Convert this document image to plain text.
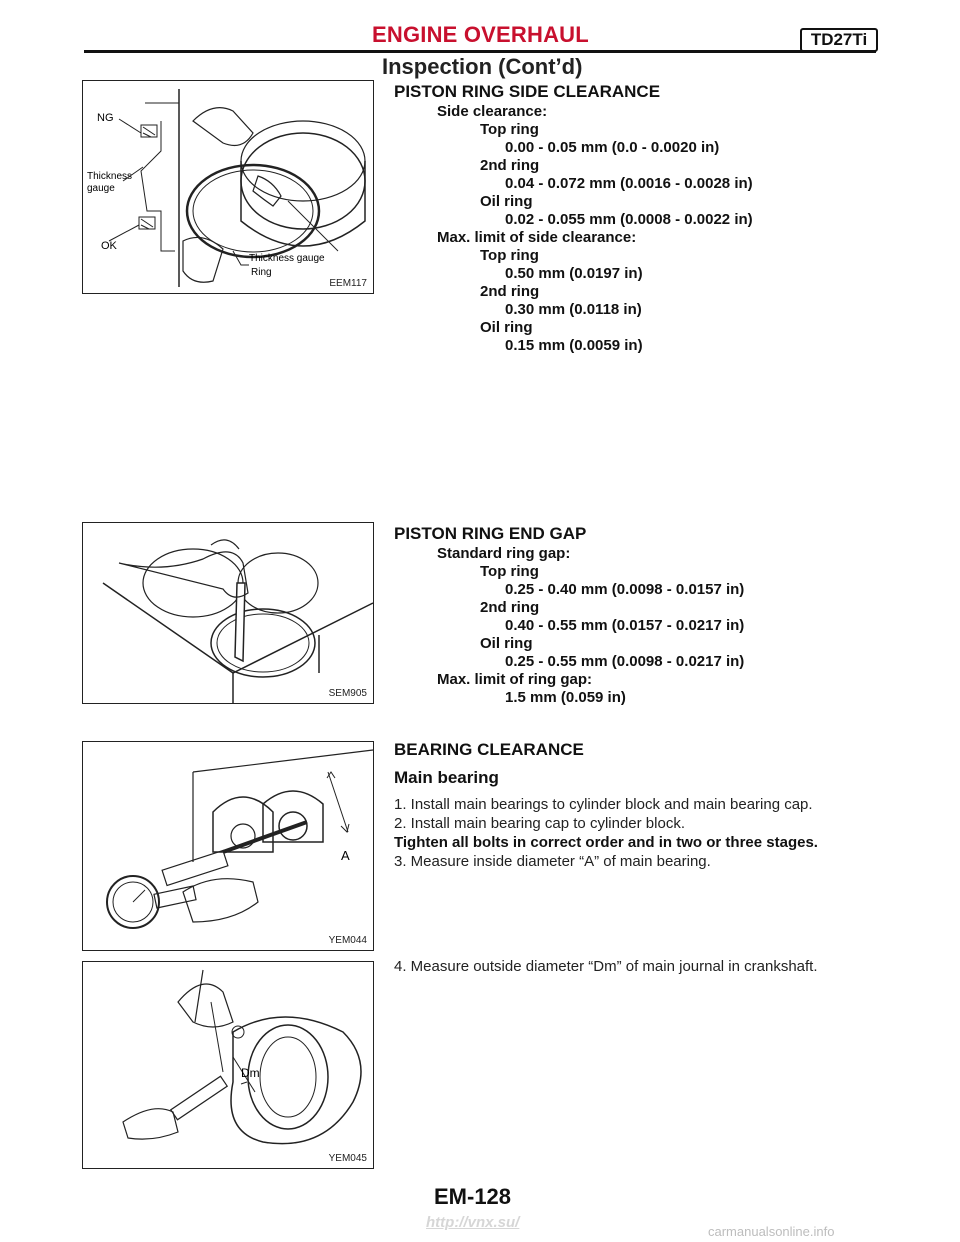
ENGINE OVERHAUL	TD27Ti
Inspection (Cont’d)
NG
Thickness
gauge
OK
Thickness gauge
Ring
EEM117
PISTON RING SIDE CLEARANCE
Side clearance:
Top ring
0.00 - 0.05 mm (0.0 - 0.0020 in)
2nd ring
0.04 - 0.072 mm (0.0016 - 0.0028 in)
Oil ring
0.02 - 0.055 mm (0.0008 - 0.0022 in)
Max. limit of side clearance:
Top ring
0.50 mm (0.0197 in)
2nd ring
0.30 mm (0.0118 in)
Oil ring
0.15 mm (0.0059 in)
SEM905
PISTON RING END GAP
Standard ring gap:
Top ring
0.25 - 0.40 mm (0.0098 - 0.0157 in)
2nd ring
0.40 - 0.55 mm (0.0157 - 0.0217 in)
Oil ring
0.25 - 0.55 mm (0.0098 - 0.0217 in)
Max. limit of ring gap:
1.5 mm (0.059 in)
A
YEM044
BEARING CLEARANCE
Main bearing
1. Install main bearings to cylinder block and main bearing cap.
2. Install main bearing cap to cylinder block.
Tighten all bolts in correct order and in two or three stages.
3. Measure inside diameter “A” of main bearing.
Dm
YEM045
4. Measure outside diameter “Dm” of main journal in crankshaft.
EM-128
http://vnx.su/
carmanualsonline.info
